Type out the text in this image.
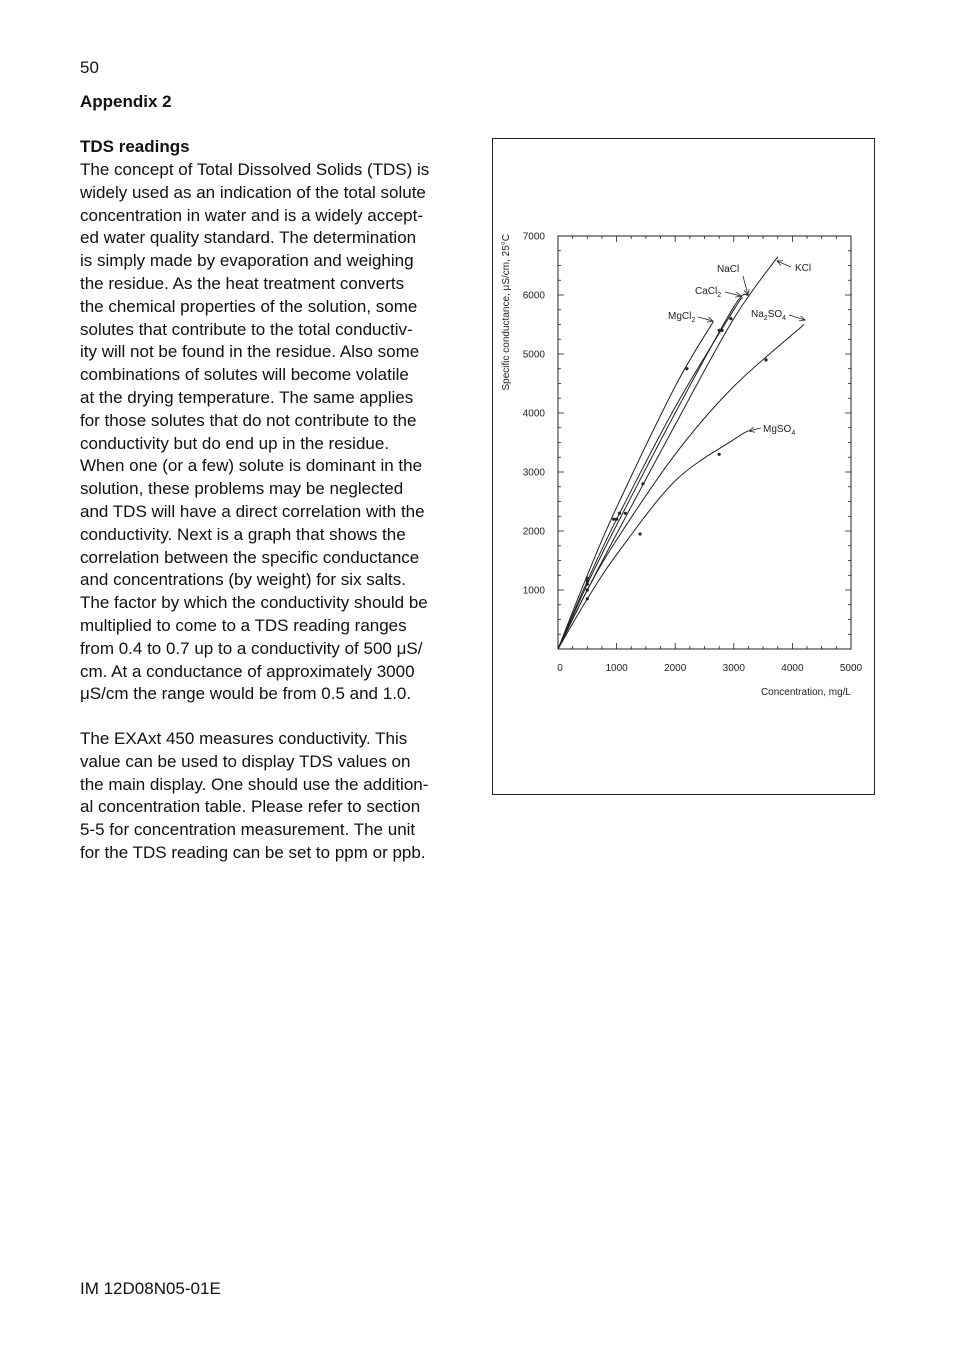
50
Appendix 2
TDS readings
The concept of Total Dissolved Solids (TDS) is
widely used as an indication of the total solute
concentration in water and is a widely accept-
ed water quality standard. The determination
is simply made by evaporation and weighing
the residue. As the heat treatment converts
the chemical properties of the solution, some
solutes that contribute to the total conductiv-
ity will not be found in the residue. Also some
combinations of solutes will become volatile
at the drying temperature. The same applies
for those solutes that do not contribute to the
conductivity but do end up in the residue.
When one (or a few) solute is dominant in the
solution, these problems may be neglected
and TDS will have a direct correlation with the
conductivity. Next is a graph that shows the
correlation between the specific conductance
and concentrations (by weight) for six salts.
The factor by which the conductivity should be
multiplied to come to a TDS reading ranges
from 0.4 to 0.7 up to a conductivity of 500 μS/
cm. At a conductance of approximately 3000
μS/cm the range would be from 0.5 and 1.0.
The EXAxt 450 measures conductivity. This
value can be used to display TDS values on
the main display. One should use the addition-
al concentration table. Please refer to section
5-5 for concentration measurement. The unit
for the TDS reading can be set to ppm or ppb.
0	1000	2000	3000	4000	5000
1000
2000
3000
4000
5000
6000
7000
Concentration, mg/L
Specific conductance, μS/cm, 25°C	KCl
NaCl
CaCl$_2$
MgCl$_2$
$Na_2SO_4$
MgSO$_4$
IM 12D08N05-01E
